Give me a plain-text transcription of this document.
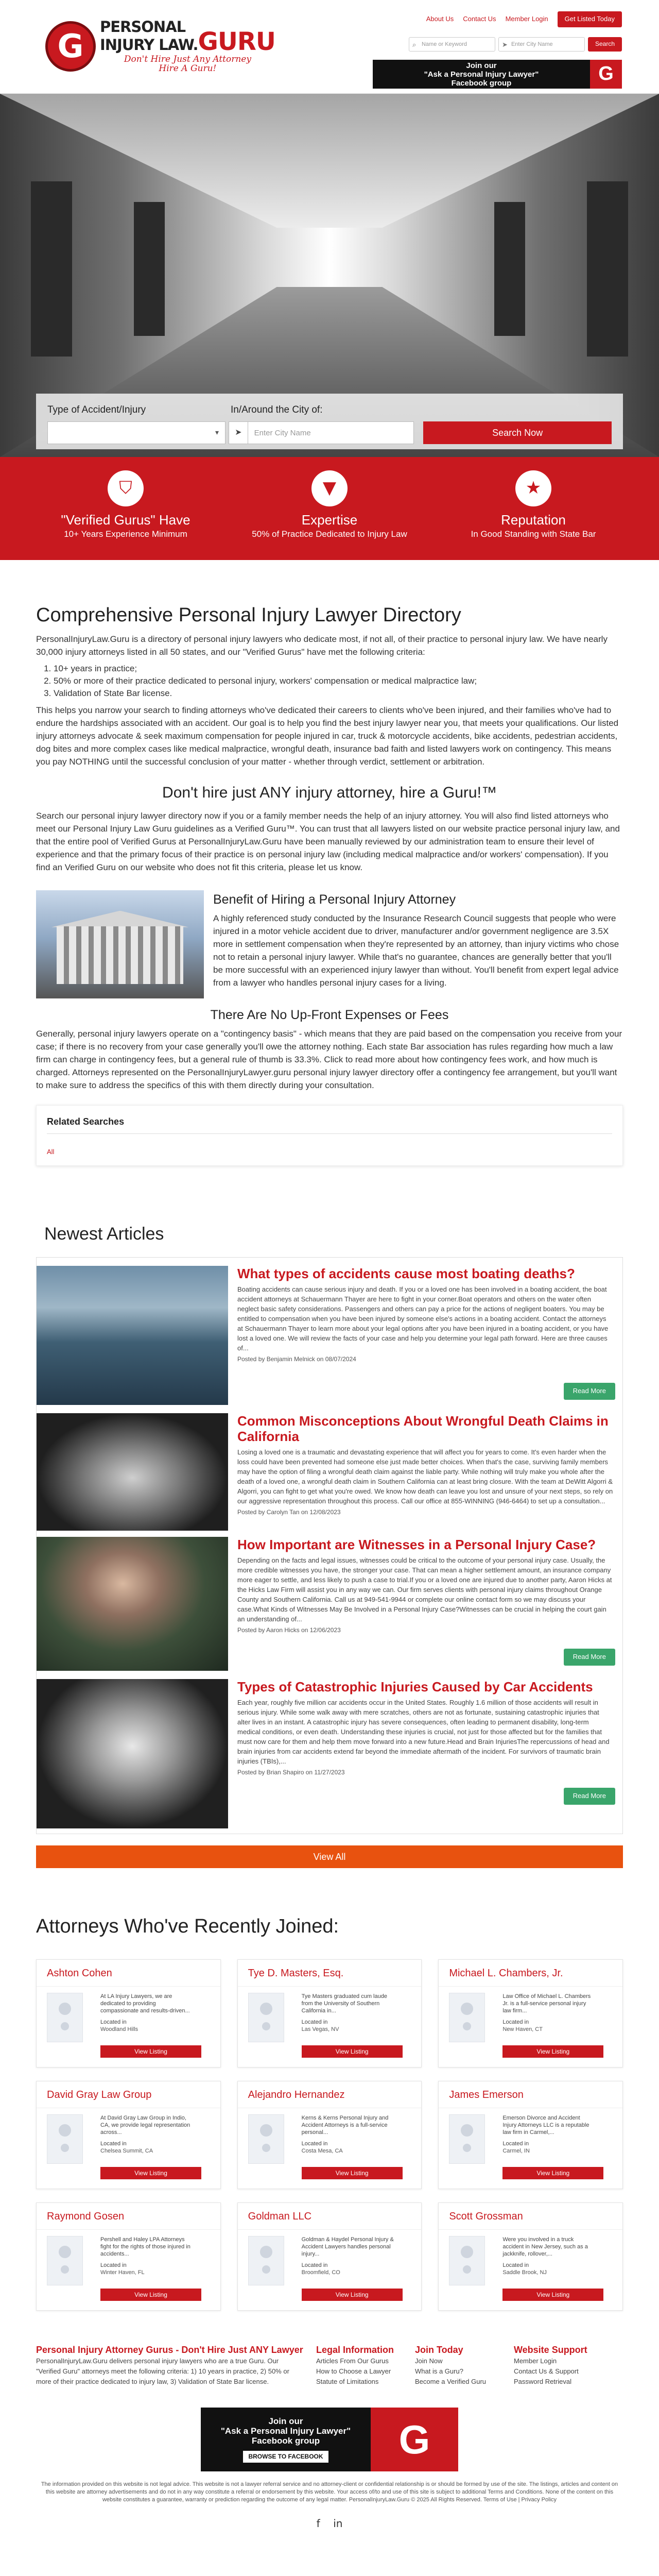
G
PERSONAL
INJURY LAW.GURU
Don't Hire Just Any Attorney
Hire A Guru!
About Us Contact Us Member Login	Get Listed Today
⌕ Name or Keyword	➤ Enter City Name	Search
Join our
"Ask a Personal Injury Lawyer"
Facebook group	G
Type of Accident/Injury	In/Around the City of:
▾ ➤	Enter City Name	Search Now
⛉
"Verified Gurus" Have
10+ Years Experience Minimum
▼
Expertise
50% of Practice Dedicated to Injury Law
★
Reputation
In Good Standing with State Bar
Comprehensive Personal Injury Lawyer Directory

PersonalInjuryLaw.Guru is a directory of personal injury lawyers who dedicate most, if not all, of their practice to personal injury law. We have nearly 30,000 injury attorneys listed in all 50 states, and our "Verified Gurus" have met the following criteria:

1. 10+ years in practice;
2. 50% or more of their practice dedicated to personal injury, workers' compensation or medical malpractice law;
3. Validation of State Bar license.

This helps you narrow your search to finding attorneys who've dedicated their careers to clients who've been injured, and their families who've had to endure the hardships associated with an accident. Our goal is to help you find the best injury lawyer near you, that meets your qualifications. Our listed injury attorneys advocate & seek maximum compensation for people injured in car, truck & motorcycle accidents, bike accidents, pedestrian accidents, dog bites and more complex cases like medical malpractice, wrongful death, insurance bad faith and listed lawyers work on contingency. This means you pay NOTHING until the successful conclusion of your matter - whether through verdict, settlement or arbitration.

Don't hire just ANY injury attorney, hire a Guru!™

Search our personal injury lawyer directory now if you or a family member needs the help of an injury attorney. You will also find listed attorneys who meet our Personal Injury Law Guru guidelines as a Verified Guru™. You can trust that all lawyers listed on our website practice personal injury law, and that the entire pool of Verified Gurus at PersonalInjuryLaw.Guru have been manually reviewed by our administration team to ensure their level of experience and that the primary focus of their practice is on personal injury law (including medical malpractice and/or workers' compensation). If you find an Verified Guru on our website who does not fit this criteria, please let us know.

Benefit of Hiring a Personal Injury Attorney

A highly referenced study conducted by the Insurance Research Council suggests that people who were injured in a motor vehicle accident due to driver, manufacturer and/or government negligence are 3.5X more in settlement compensation when they're represented by an attorney, than injury victims who chose not to retain a personal injury lawyer. While that's no guarantee, chances are generally better that you'll be more successful with an experienced injury lawyer than without. You'll benefit from expert legal advice from a lawyer who handles personal injury cases for a living.

There Are No Up-Front Expenses or Fees

Generally, personal injury lawyers operate on a "contingency basis" - which means that they are paid based on the compensation you receive from your case; if there is no recovery from your case generally you'll owe the attorney nothing. Each state Bar association has rules regarding how much a law firm can charge in contingency fees, but a general rule of thumb is 33.3%. Click to read more about how contingency fees work, and how much is charged. Attorneys represented on the PersonalInjuryLawyer.guru personal injury lawyer directory offer a contingency fee arrangement, but you'll want to make sure to address the specifics of this with them directly during your consultation.

Related Searches
All
Newest Articles
What types of accidents cause most boating deaths?
Boating accidents can cause serious injury and death. If you or a loved one has been involved in a boating accident, the boat accident attorneys at Schauermann Thayer are here to fight in your corner.Boat operators and others on the water often neglect basic safety considerations. Passengers and others can pay a price for the actions of negligent boaters. You may be entitled to compensation when you have been injured by someone else's actions in a boating accident. Contact the attorneys at Schauermann Thayer to learn more about your legal options after you have been injured in a boating accident, or you have lost a loved one. We will review the facts of your case and help you determine your legal path forward. Here are three causes of...
Posted by Benjamin Melnick on 08/07/2024
Read More
Common Misconceptions About Wrongful Death Claims in California
Losing a loved one is a traumatic and devastating experience that will affect you for years to come. It's even harder when the loss could have been prevented had someone else just made better choices. When that's the case, surviving family members may have the option of filing a wrongful death claim against the liable party. While nothing will truly make you whole after the death of a loved one, a wrongful death claim in Southern California can at least bring closure. With the team at DeWitt Algorri & Algorri, you can fight to get what you're owed. We know how death can leave you lost and unsure of your next steps, so rely on our aggressive representation throughout this process. Call our office at 855-WINNING (946-6464) to set up a consultation...
Posted by Carolyn Tan on 12/08/2023
How Important are Witnesses in a Personal Injury Case?
Depending on the facts and legal issues, witnesses could be critical to the outcome of your personal injury case. Usually, the more credible witnesses you have, the stronger your case. That can mean a higher settlement amount, an insurance company more eager to settle, and less likely to push a case to trial.If you or a loved one are injured due to another party, Aaron Hicks at the Hicks Law Firm will assist you in any way we can. Our firm serves clients with personal injury claims throughout Orange County and Southern California. Call us at 949-541-9944 or complete our online contact form so we may discuss your case.What Kinds of Witnesses May Be Involved in a Personal Injury Case?Witnesses can be crucial in helping the court gain an understanding of...
Posted by Aaron Hicks on 12/06/2023
Read More
Types of Catastrophic Injuries Caused by Car Accidents
Each year, roughly five million car accidents occur in the United States. Roughly 1.6 million of those accidents will result in serious injury. While some walk away with mere scratches, others are not as fortunate, sustaining catastrophic injuries that alter lives in an instant. A catastrophic injury has severe consequences, often leading to permanent disability, long-term medical conditions, or even death. Understanding these injuries is crucial, not just for those affected but for the families that must now care for them and help them move forward into a new future.Head and Brain InjuriesThe repercussions of head and brain injuries from car accidents extend far beyond the immediate aftermath of the incident. For survivors of traumatic brain injuries (TBIs),...
Posted by Brian Shapiro on 11/27/2023
Read More
View All
Attorneys Who've Recently Joined:
Ashton Cohen
At LA Injury Lawyers, we are dedicated to providing compassionate and results-driven...
Located in
Woodland Hills
View Listing
Tye D. Masters, Esq.
Tye Masters graduated cum laude from the University of Southern California in...
Located in
Las Vegas, NV
View Listing
Michael L. Chambers, Jr.
Law Office of Michael L. Chambers Jr. is a full-service personal injury law firm...
Located in
New Haven, CT
View Listing
David Gray Law Group
At David Gray Law Group in Indio, CA, we provide legal representation across...
Located in
Chelsea Summit, CA
View Listing
Alejandro Hernandez
Kerns & Kerns Personal Injury and Accident Attorneys is a full-service personal...
Located in
Costa Mesa, CA
View Listing
James Emerson
Emerson Divorce and Accident Injury Attorneys LLC is a reputable law firm in Carmel,...
Located in
Carmel, IN
View Listing
Raymond Gosen
Pershell and Haley LPA Attorneys fight for the rights of those injured in accidents...
Located in
Winter Haven, FL
View Listing
Goldman LLC
Goldman & Haydel Personal Injury & Accident Lawyers handles personal injury...
Located in
Broomfield, CO
View Listing
Scott Grossman
Were you involved in a truck accident in New Jersey, such as a jackknife, rollover,...
Located in
Saddle Brook, NJ
View Listing
Personal Injury Attorney Gurus - Don't Hire Just ANY Lawyer
PersonalInjuryLaw.Guru delivers personal injury lawyers who are a true Guru. Our "Verified Guru" attorneys meet the following criteria: 1) 10 years in practice, 2) 50% or more of their practice dedicated to injury law, 3) Validation of State Bar license.
Legal Information
Articles From Our Gurus
How to Choose a Lawyer
Statute of Limitations
Join Today
Join Now
What is a Guru?
Become a Verified Guru
Website Support
Member Login
Contact Us & Support
Password Retrieval
Join our
"Ask a Personal Injury Lawyer"
Facebook group
BROWSE TO FACEBOOK	G
The information provided on this website is not legal advice. This website is not a lawyer referral service and no attorney-client or confidential relationship is or should be formed by use of the site. The listings, articles and content on this website are attorney advertisements and do not in any way constitute a referral or endorsement by this website. Your access of/to and use of this site is subject to additional Terms and Conditions. None of the content on this website constitutes a guarantee, warranty or prediction regarding the outcome of any legal matter. PersonalInjuryLaw.Guru © 2025 All Rights Reserved. Terms of Use | Privacy Policy
f in
